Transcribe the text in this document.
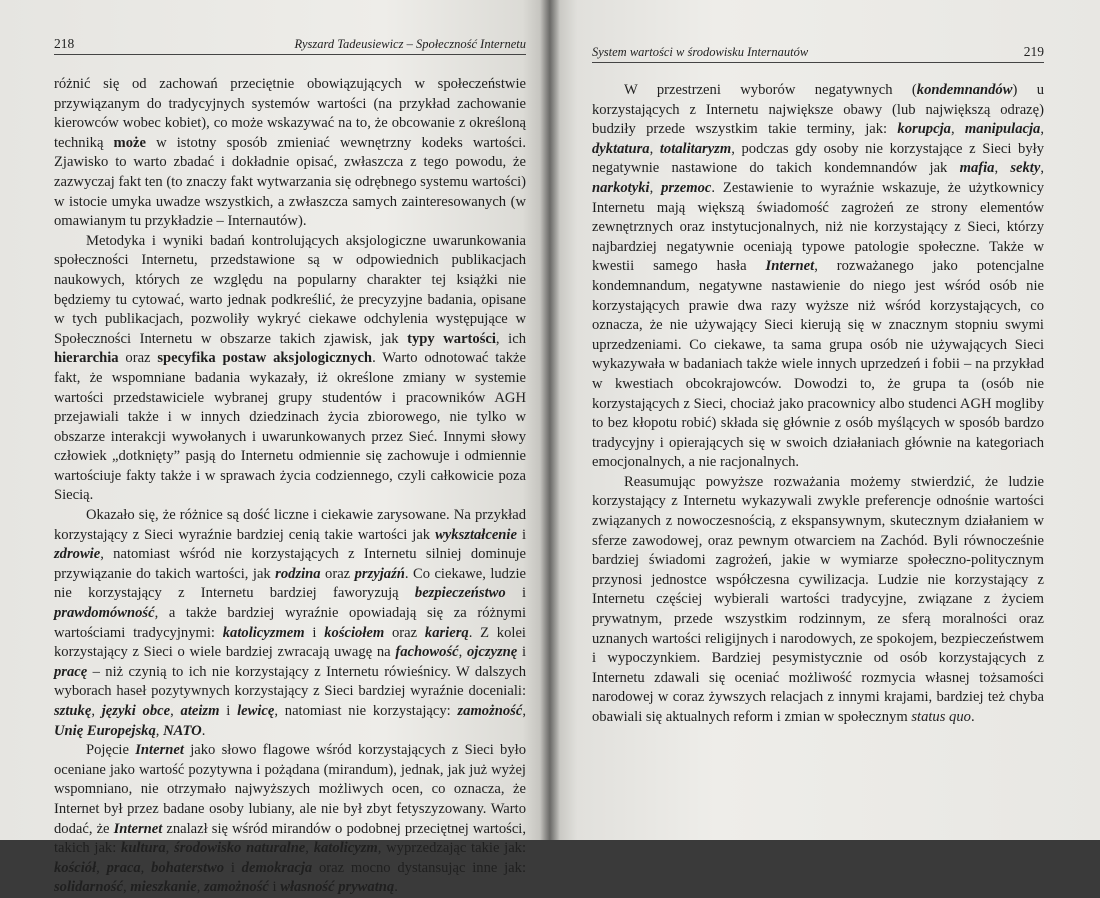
218	Ryszard Tadeusiewicz – Społeczność Internetu

różnić się od zachowań przeciętnie obowiązujących w społeczeństwie przywiązanym do tradycyjnych systemów wartości (na przykład zachowanie kierowców wobec kobiet), co może wskazywać na to, że obcowanie z określoną techniką może w istotny sposób zmieniać wewnętrzny kodeks wartości. Zjawisko to warto zbadać i dokładnie opisać, zwłaszcza z tego powodu, że zazwyczaj fakt ten (to znaczy fakt wytwarzania się odrębnego systemu wartości) w istocie umyka uwadze wszystkich, a zwłaszcza samych zainteresowanych (w omawianym tu przykładzie – Internautów).

Metodyka i wyniki badań kontrolujących aksjologiczne uwarunkowania społeczności Internetu, przedstawione są w odpowiednich publikacjach naukowych, których ze względu na popularny charakter tej książki nie będziemy tu cytować, warto jednak podkreślić, że precyzyjne badania, opisane w tych publikacjach, pozwoliły wykryć ciekawe odchylenia występujące w Społeczności Internetu w obszarze takich zjawisk, jak typy wartości, ich hierarchia oraz specyfika postaw aksjologicznych. Warto odnotować także fakt, że wspomniane badania wykazały, iż określone zmiany w systemie wartości przedstawiciele wybranej grupy studentów i pracowników AGH przejawiali także i w innych dziedzinach życia zbiorowego, nie tylko w obszarze interakcji wywołanych i uwarunkowanych przez Sieć. Innymi słowy człowiek „dotknięty” pasją do Internetu odmiennie się zachowuje i odmiennie wartościuje fakty także i w sprawach życia codziennego, czyli całkowicie poza Siecią.

Okazało się, że różnice są dość liczne i ciekawie zarysowane. Na przykład korzystający z Sieci wyraźnie bardziej cenią takie wartości jak wykształcenie i zdrowie, natomiast wśród nie korzystających z Internetu silniej dominuje przywiązanie do takich wartości, jak rodzina oraz przyjaźń. Co ciekawe, ludzie nie korzystający z Internetu bardziej faworyzują bezpieczeństwo i prawdomówność, a także bardziej wyraźnie opowiadają się za różnymi wartościami tradycyjnymi: katolicyzmem i kościołem oraz karierą. Z kolei korzystający z Sieci o wiele bardziej zwracają uwagę na fachowość, ojczyznę i pracę – niż czynią to ich nie korzystający z Internetu rówieśnicy. W dalszych wyborach haseł pozytywnych korzystający z Sieci bardziej wyraźnie doceniali: sztukę, języki obce, ateizm i lewicę, natomiast nie korzystający: zamożność, Unię Europejską, NATO.

Pojęcie Internet jako słowo flagowe wśród korzystających z Sieci było oceniane jako wartość pozytywna i pożądana (mirandum), jednak, jak już wyżej wspomniano, nie otrzymało najwyższych możliwych ocen, co oznacza, że Internet był przez badane osoby lubiany, ale nie był zbyt fetyszyzowany. Warto dodać, że Internet znalazł się wśród mirandów o podobnej przeciętnej wartości, takich jak: kultura, środowisko naturalne, katolicyzm, wyprzedzając takie jak: kościół, praca, bohaterstwo i demokracja oraz mocno dystansując inne jak: solidarność, mieszkanie, zamożność i własność prywatną.

System wartości w środowisku Internautów	219

W przestrzeni wyborów negatywnych (kondemnandów) u korzystających z Internetu największe obawy (lub największą odrazę) budziły przede wszystkim takie terminy, jak: korupcja, manipulacja, dyktatura, totalitaryzm, podczas gdy osoby nie korzystające z Sieci były negatywnie nastawione do takich kondemnandów jak mafia, sekty, narkotyki, przemoc. Zestawienie to wyraźnie wskazuje, że użytkownicy Internetu mają większą świadomość zagrożeń ze strony elementów zewnętrznych oraz instytucjonalnych, niż nie korzystający z Sieci, którzy najbardziej negatywnie oceniają typowe patologie społeczne. Także w kwestii samego hasła Internet, rozważanego jako potencjalne kondemnandum, negatywne nastawienie do niego jest wśród osób nie korzystających prawie dwa razy wyższe niż wśród korzystających, co oznacza, że nie używający Sieci kierują się w znacznym stopniu swymi uprzedzeniami. Co ciekawe, ta sama grupa osób nie używających Sieci wykazywała w badaniach także wiele innych uprzedzeń i fobii – na przykład w kwestiach obcokrajowców. Dowodzi to, że grupa ta (osób nie korzystających z Sieci, chociaż jako pracownicy albo studenci AGH mogliby to bez kłopotu robić) składa się głównie z osób myślących w sposób bardzo tradycyjny i opierających się w swoich działaniach głównie na kategoriach emocjonalnych, a nie racjonalnych.

Reasumując powyższe rozważania możemy stwierdzić, że ludzie korzystający z Internetu wykazywali zwykle preferencje odnośnie wartości związanych z nowoczesnością, z ekspansywnym, skutecznym działaniem w sferze zawodowej, oraz pewnym otwarciem na Zachód. Byli równocześnie bardziej świadomi zagrożeń, jakie w wymiarze społeczno-politycznym przynosi jednostce współczesna cywilizacja. Ludzie nie korzystający z Internetu częściej wybierali wartości tradycyjne, związane z życiem prywatnym, przede wszystkim rodzinnym, ze sferą moralności oraz uznanych wartości religijnych i narodowych, ze spokojem, bezpieczeństwem i wypoczynkiem. Bardziej pesymistycznie od osób korzystających z Internetu zdawali się oceniać możliwość rozmycia własnej tożsamości narodowej w coraz żywszych relacjach z innymi krajami, bardziej też chyba obawiali się aktualnych reform i zmian w społecznym status quo.
